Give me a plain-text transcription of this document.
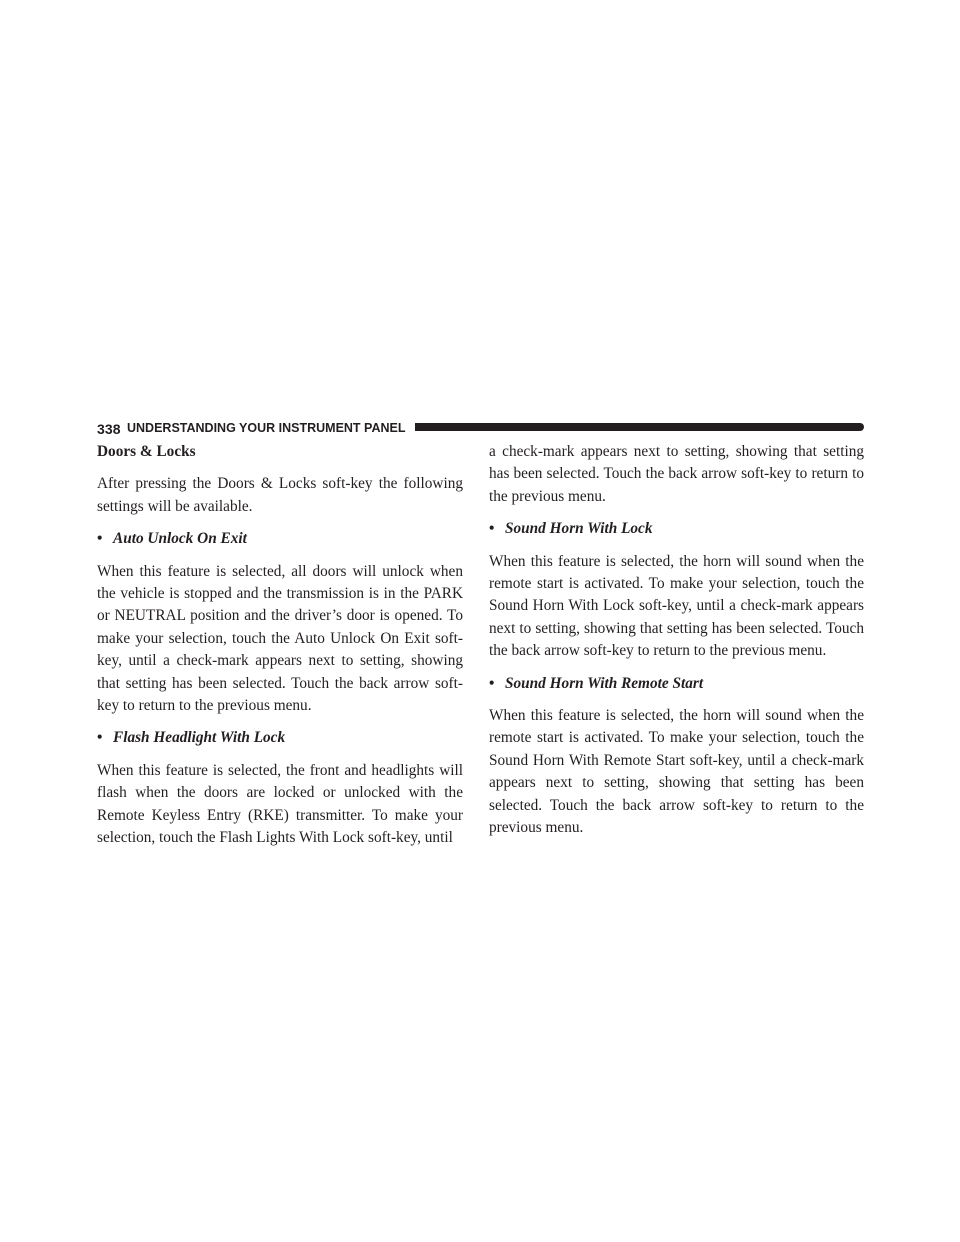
338 UNDERSTANDING YOUR INSTRUMENT PANEL

Doors & Locks

After pressing the Doors & Locks soft-key the following settings will be available.

• Auto Unlock On Exit

When this feature is selected, all doors will unlock when the vehicle is stopped and the transmission is in the PARK or NEUTRAL position and the driver’s door is opened. To make your selection, touch the Auto Unlock On Exit soft-key, until a check-mark appears next to setting, showing that setting has been selected. Touch the back arrow soft-key to return to the previous menu.

• Flash Headlight With Lock

When this feature is selected, the front and headlights will flash when the doors are locked or unlocked with the Remote Keyless Entry (RKE) transmitter. To make your selection, touch the Flash Lights With Lock soft-key, until

a check-mark appears next to setting, showing that setting has been selected. Touch the back arrow soft-key to return to the previous menu.

• Sound Horn With Lock

When this feature is selected, the horn will sound when the remote start is activated. To make your selection, touch the Sound Horn With Lock soft-key, until a check-mark appears next to setting, showing that setting has been selected. Touch the back arrow soft-key to return to the previous menu.

• Sound Horn With Remote Start

When this feature is selected, the horn will sound when the remote start is activated. To make your selection, touch the Sound Horn With Remote Start soft-key, until a check-mark appears next to setting, showing that setting has been selected. Touch the back arrow soft-key to return to the previous menu.
